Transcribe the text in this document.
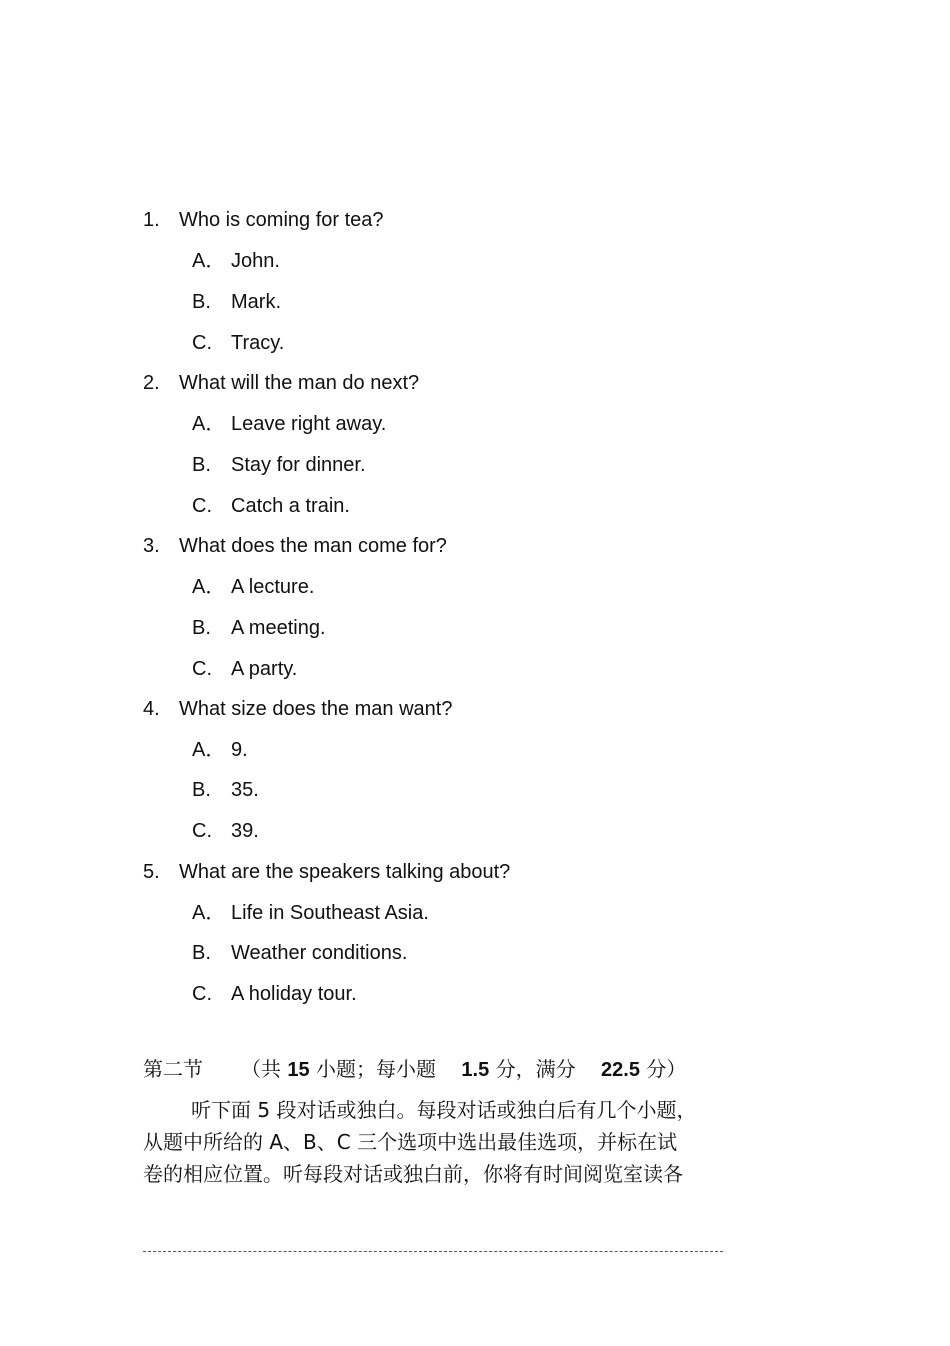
1. Who is coming for tea?
A． John.
B. Mark.
C. Tracy.
2. What will the man do next?
A． Leave right away.
B. Stay for dinner.
C. Catch a train.
3. What does the man come for?
A． A lecture.
B. A meeting.
C. A party.
4. What size does the man want?
A． 9.
B. 35.
C. 39.
5. What are the speakers talking about?
A． Life in Southeast Asia.
B. Weather conditions.
C. A holiday tour.
第二节 （共 15 小题；每小题 1.5 分，满分 22.5 分）
听下面 5 段对话或独白。每段对话或独白后有几个小题，
从题中所给的 A、B、C 三个选项中选出最佳选项，并标在试
卷的相应位置。听每段对话或独白前，你将有时间阅览室读各
